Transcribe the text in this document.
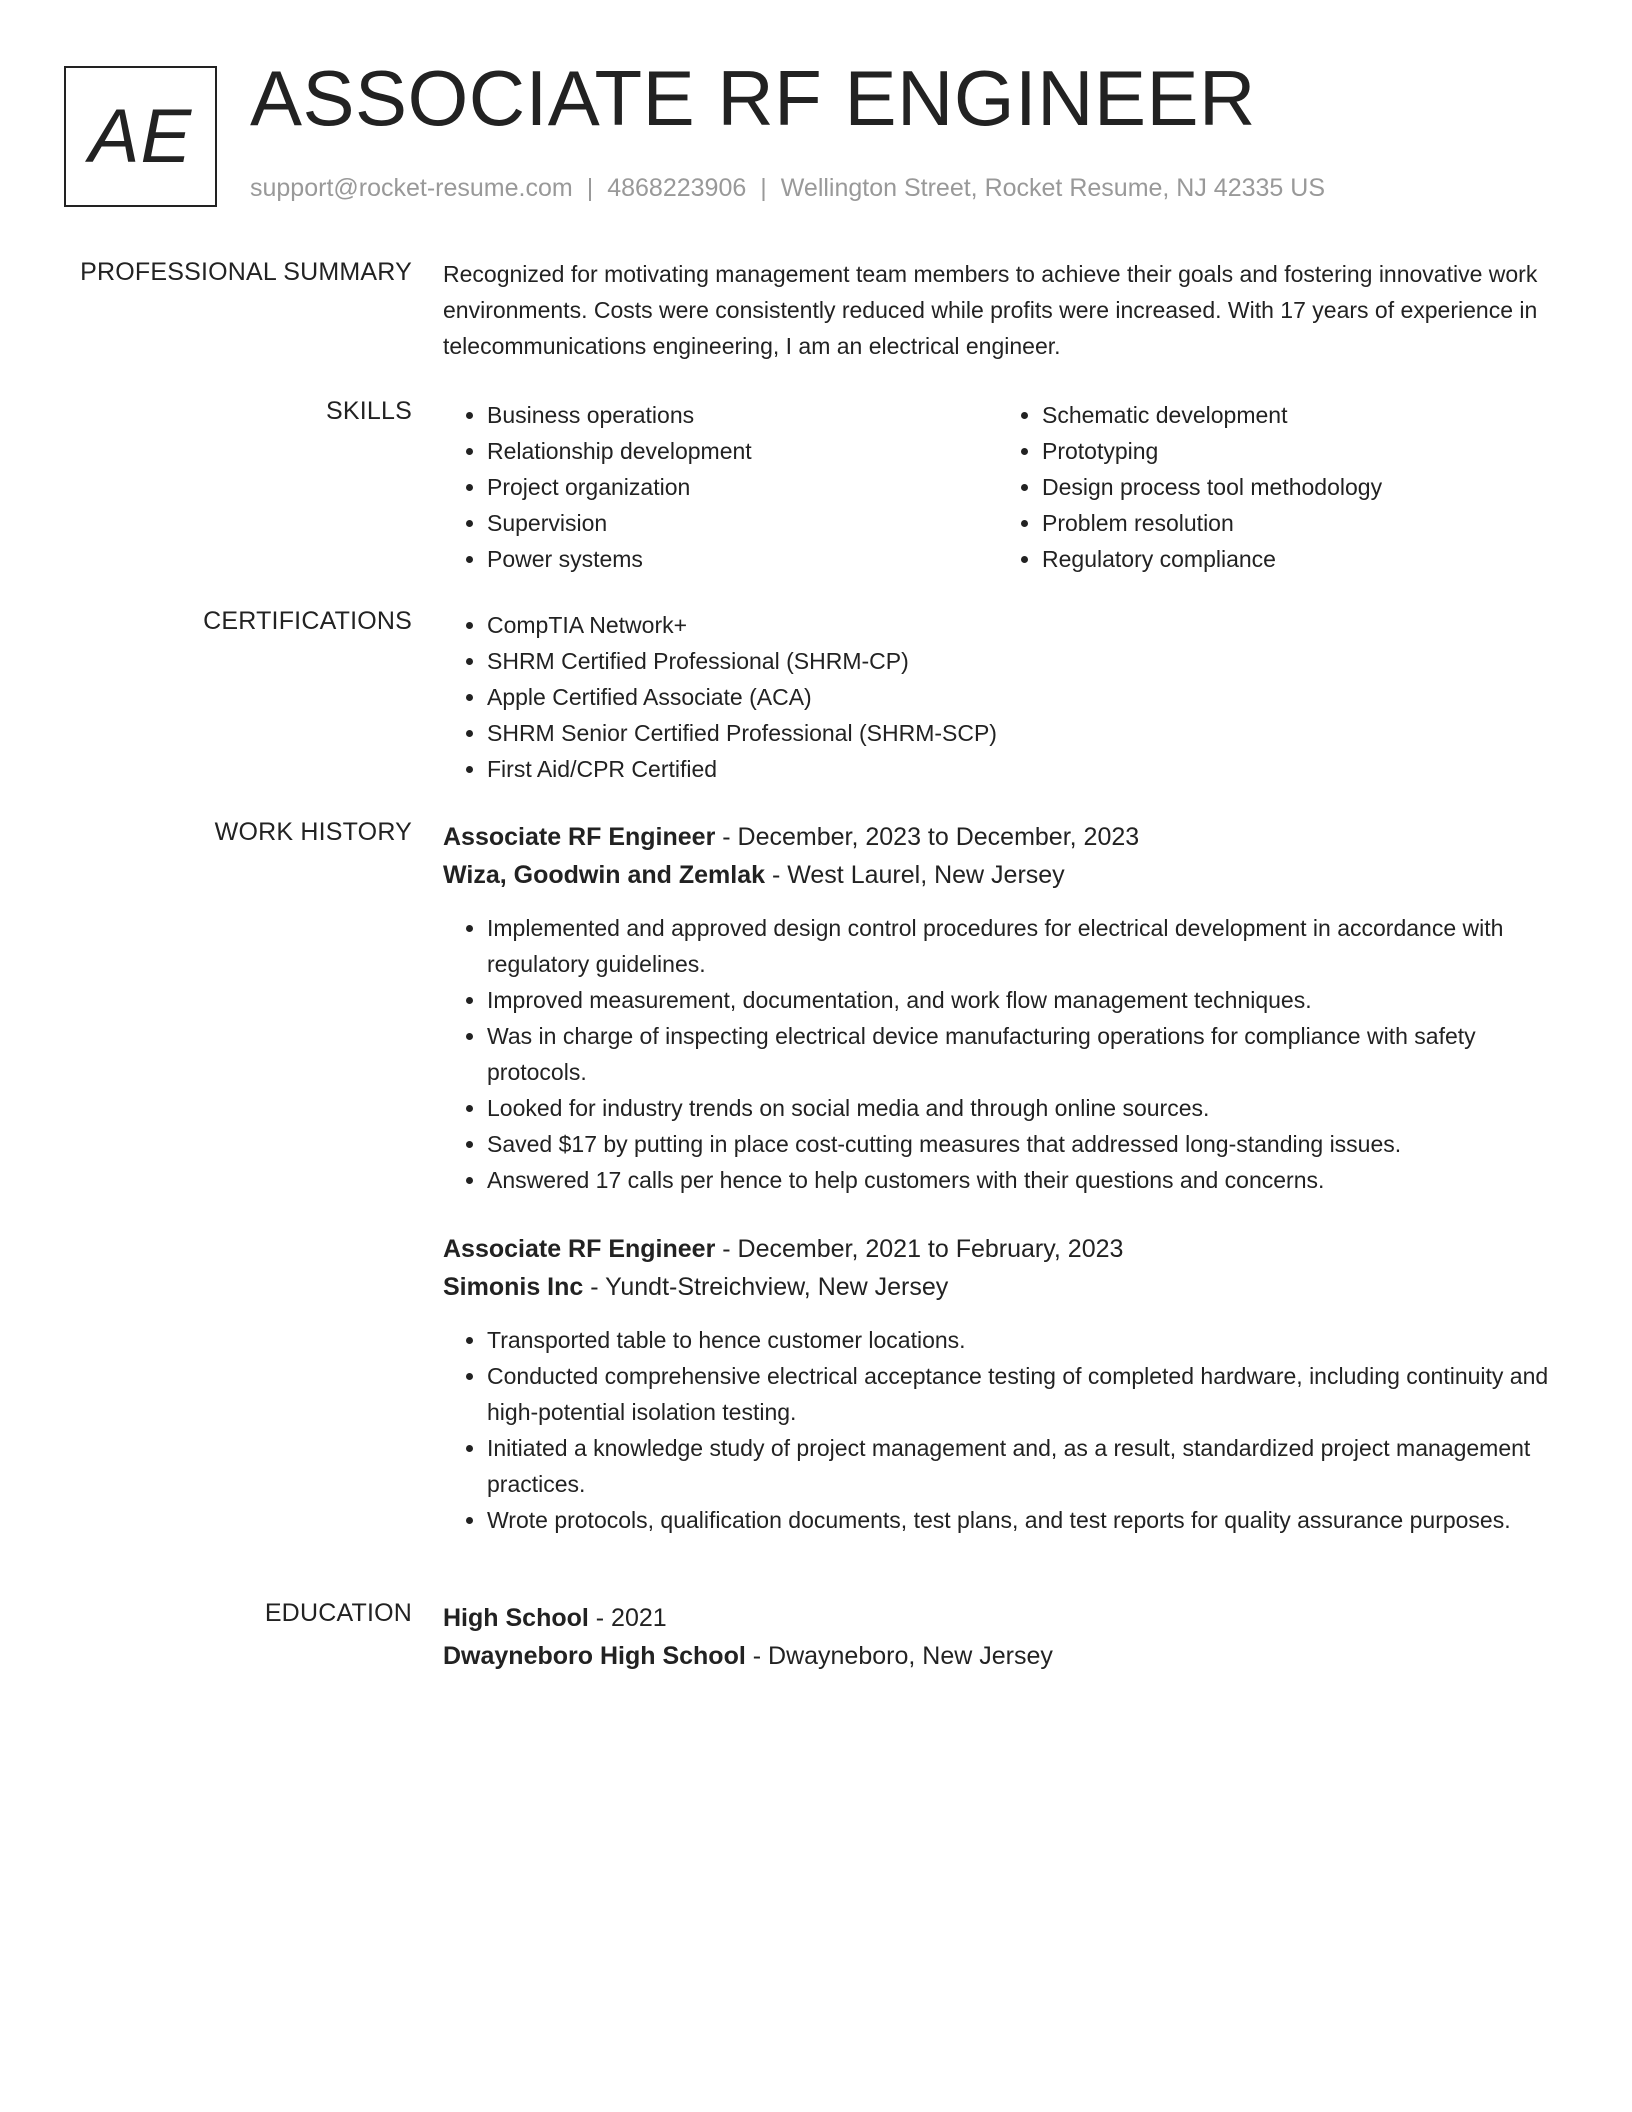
AE ASSOCIATE RF ENGINEER
support@rocket-resume.com | 4868223906 | Wellington Street, Rocket Resume, NJ 42335 US
PROFESSIONAL SUMMARY Recognized for motivating management team members to achieve their goals and fostering innovative work environments. Costs were consistently reduced while profits were increased. With 17 years of experience in telecommunications engineering, I am an electrical engineer.

SKILLS	• Business operations
• Relationship development
• Project organization
• Supervision
• Power systems
• Schematic development
• Prototyping
• Design process tool methodology
• Problem resolution
• Regulatory compliance
CERTIFICATIONS	• CompTIA Network+
• SHRM Certified Professional (SHRM-CP)
• Apple Certified Associate (ACA)
• SHRM Senior Certified Professional (SHRM-SCP)
• First Aid/CPR Certified
WORK HISTORY Associate RF Engineer - December, 2023 to December, 2023
Wiza, Goodwin and Zemlak - West Laurel, New Jersey
• Implemented and approved design control procedures for electrical development in accordance with regulatory guidelines.
• Improved measurement, documentation, and work flow management techniques.
• Was in charge of inspecting electrical device manufacturing operations for compliance with safety protocols.
• Looked for industry trends on social media and through online sources.
• Saved $17 by putting in place cost-cutting measures that addressed long-standing issues.
• Answered 17 calls per hence to help customers with their questions and concerns.
Associate RF Engineer - December, 2021 to February, 2023
Simonis Inc - Yundt-Streichview, New Jersey
• Transported table to hence customer locations.
• Conducted comprehensive electrical acceptance testing of completed hardware, including continuity and high-potential isolation testing.
• Initiated a knowledge study of project management and, as a result, standardized project management practices.
• Wrote protocols, qualification documents, test plans, and test reports for quality assurance purposes.
EDUCATION High School - 2021
Dwayneboro High School - Dwayneboro, New Jersey
